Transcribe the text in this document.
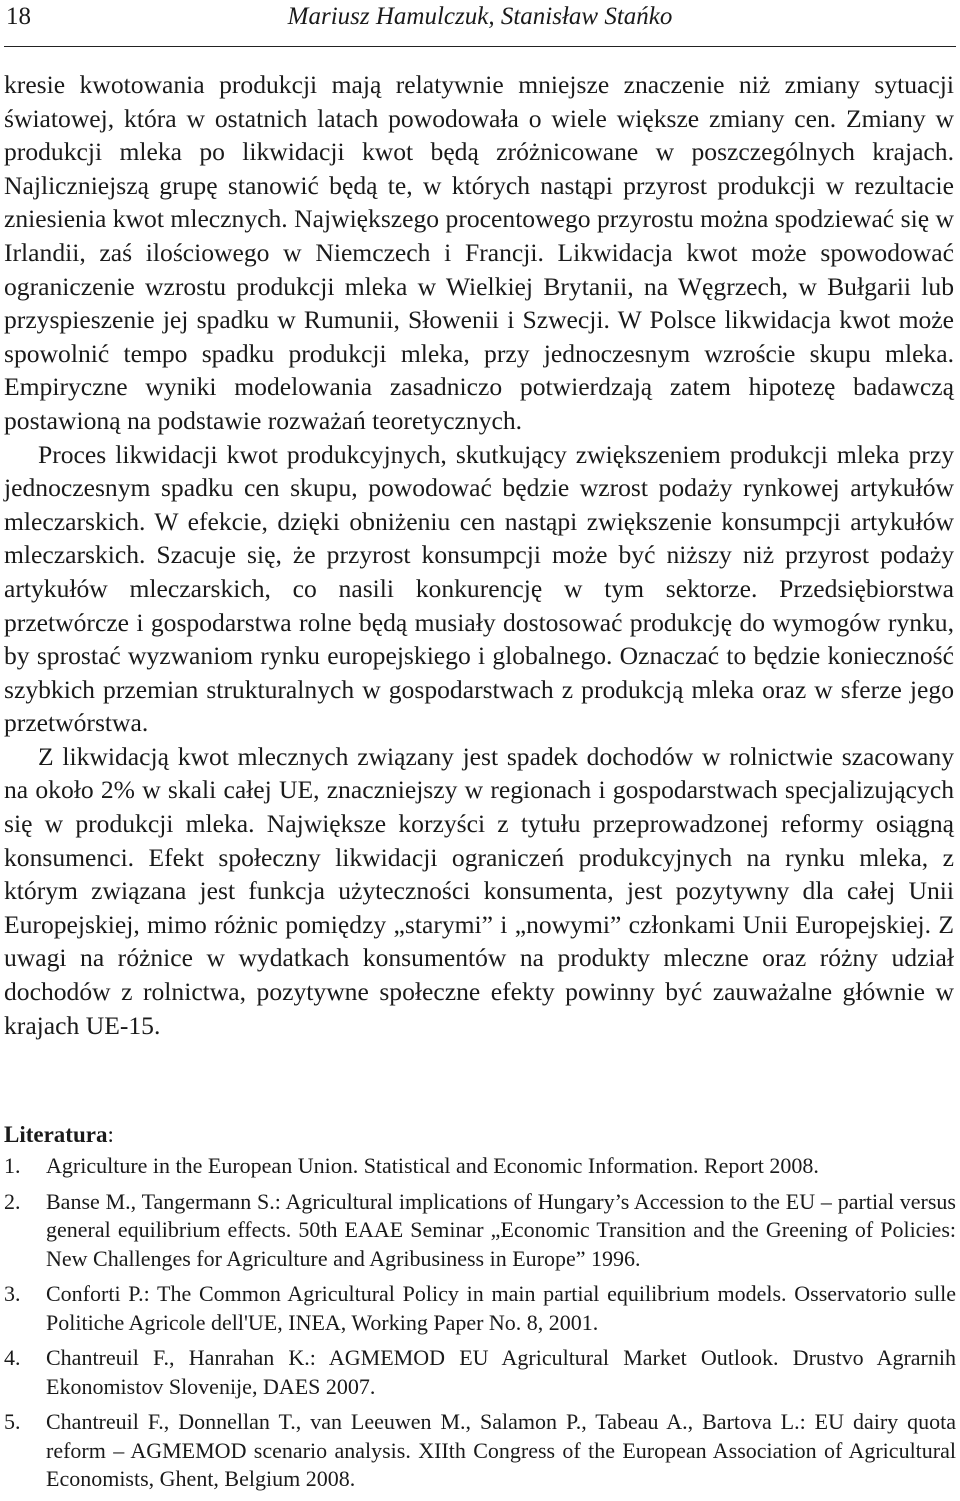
18	Mariusz Hamulczuk, Stanisław Stańko

kresie kwotowania produkcji mają relatywnie mniejsze znaczenie niż zmiany sytuacji światowej, która w ostatnich latach powodowała o wiele większe zmiany cen. Zmiany w produkcji mleka po likwidacji kwot będą zróżnicowane w poszczególnych krajach. Najliczniejszą grupę stanowić będą te, w których nastąpi przyrost produkcji w rezultacie zniesienia kwot mlecznych. Największego procentowego przyrostu można spodziewać się w Irlandii, zaś ilościowego w Niemczech i Francji. Likwidacja kwot może spowodować ograniczenie wzrostu produkcji mleka w Wielkiej Brytanii, na Węgrzech, w Bułgarii lub przyspieszenie jej spadku w Rumunii, Słowenii i Szwecji. W Polsce likwidacja kwot może spowolnić tempo spadku produkcji mleka, przy jednoczesnym wzroście skupu mleka. Empiryczne wyniki modelowania zasadniczo potwierdzają zatem hipotezę badawczą postawioną na podstawie rozważań teoretycznych.

Proces likwidacji kwot produkcyjnych, skutkujący zwiększeniem produkcji mleka przy jednoczesnym spadku cen skupu, powodować będzie wzrost podaży rynkowej artykułów mleczarskich. W efekcie, dzięki obniżeniu cen nastąpi zwiększenie konsumpcji artykułów mleczarskich. Szacuje się, że przyrost konsumpcji może być niższy niż przyrost podaży artykułów mleczarskich, co nasili konkurencję w tym sektorze. Przedsiębiorstwa przetwórcze i gospodarstwa rolne będą musiały dostosować produkcję do wymogów rynku, by sprostać wyzwaniom rynku europejskiego i globalnego. Oznaczać to będzie konieczność szybkich przemian strukturalnych w gospodarstwach z produkcją mleka oraz w sferze jego przetwórstwa.

Z likwidacją kwot mlecznych związany jest spadek dochodów w rolnictwie szacowany na około 2% w skali całej UE, znaczniejszy w regionach i gospodarstwach specjalizujących się w produkcji mleka. Największe korzyści z tytułu przeprowadzonej reformy osiągną konsumenci. Efekt społeczny likwidacji ograniczeń produkcyjnych na rynku mleka, z którym związana jest funkcja użyteczności konsumenta, jest pozytywny dla całej Unii Europejskiej, mimo różnic pomiędzy „starymi” i „nowymi” członkami Unii Europejskiej. Z uwagi na różnice w wydatkach konsumentów na produkty mleczne oraz różny udział dochodów z rolnictwa, pozytywne społeczne efekty powinny być zauważalne głównie w krajach UE-15.

Literatura:
1. Agriculture in the European Union. Statistical and Economic Information. Report 2008.
2. Banse M., Tangermann S.: Agricultural implications of Hungary’s Accession to the EU – partial versus general equilibrium effects. 50th EAAE Seminar „Economic Transition and the Greening of Policies: New Challenges for Agriculture and Agribusiness in Europe” 1996.
3. Conforti P.: The Common Agricultural Policy in main partial equilibrium models. Osservatorio sulle Politiche Agricole dell'UE, INEA, Working Paper No. 8, 2001.
4. Chantreuil F., Hanrahan K.: AGMEMOD EU Agricultural Market Outlook. Drustvo Agrarnih Ekonomistov Slovenije, DAES 2007.
5. Chantreuil F., Donnellan T., van Leeuwen M., Salamon P., Tabeau A., Bartova L.: EU dairy quota reform – AGMEMOD scenario analysis. XIIth Congress of the European Association of Agricultural Economists, Ghent, Belgium 2008.
